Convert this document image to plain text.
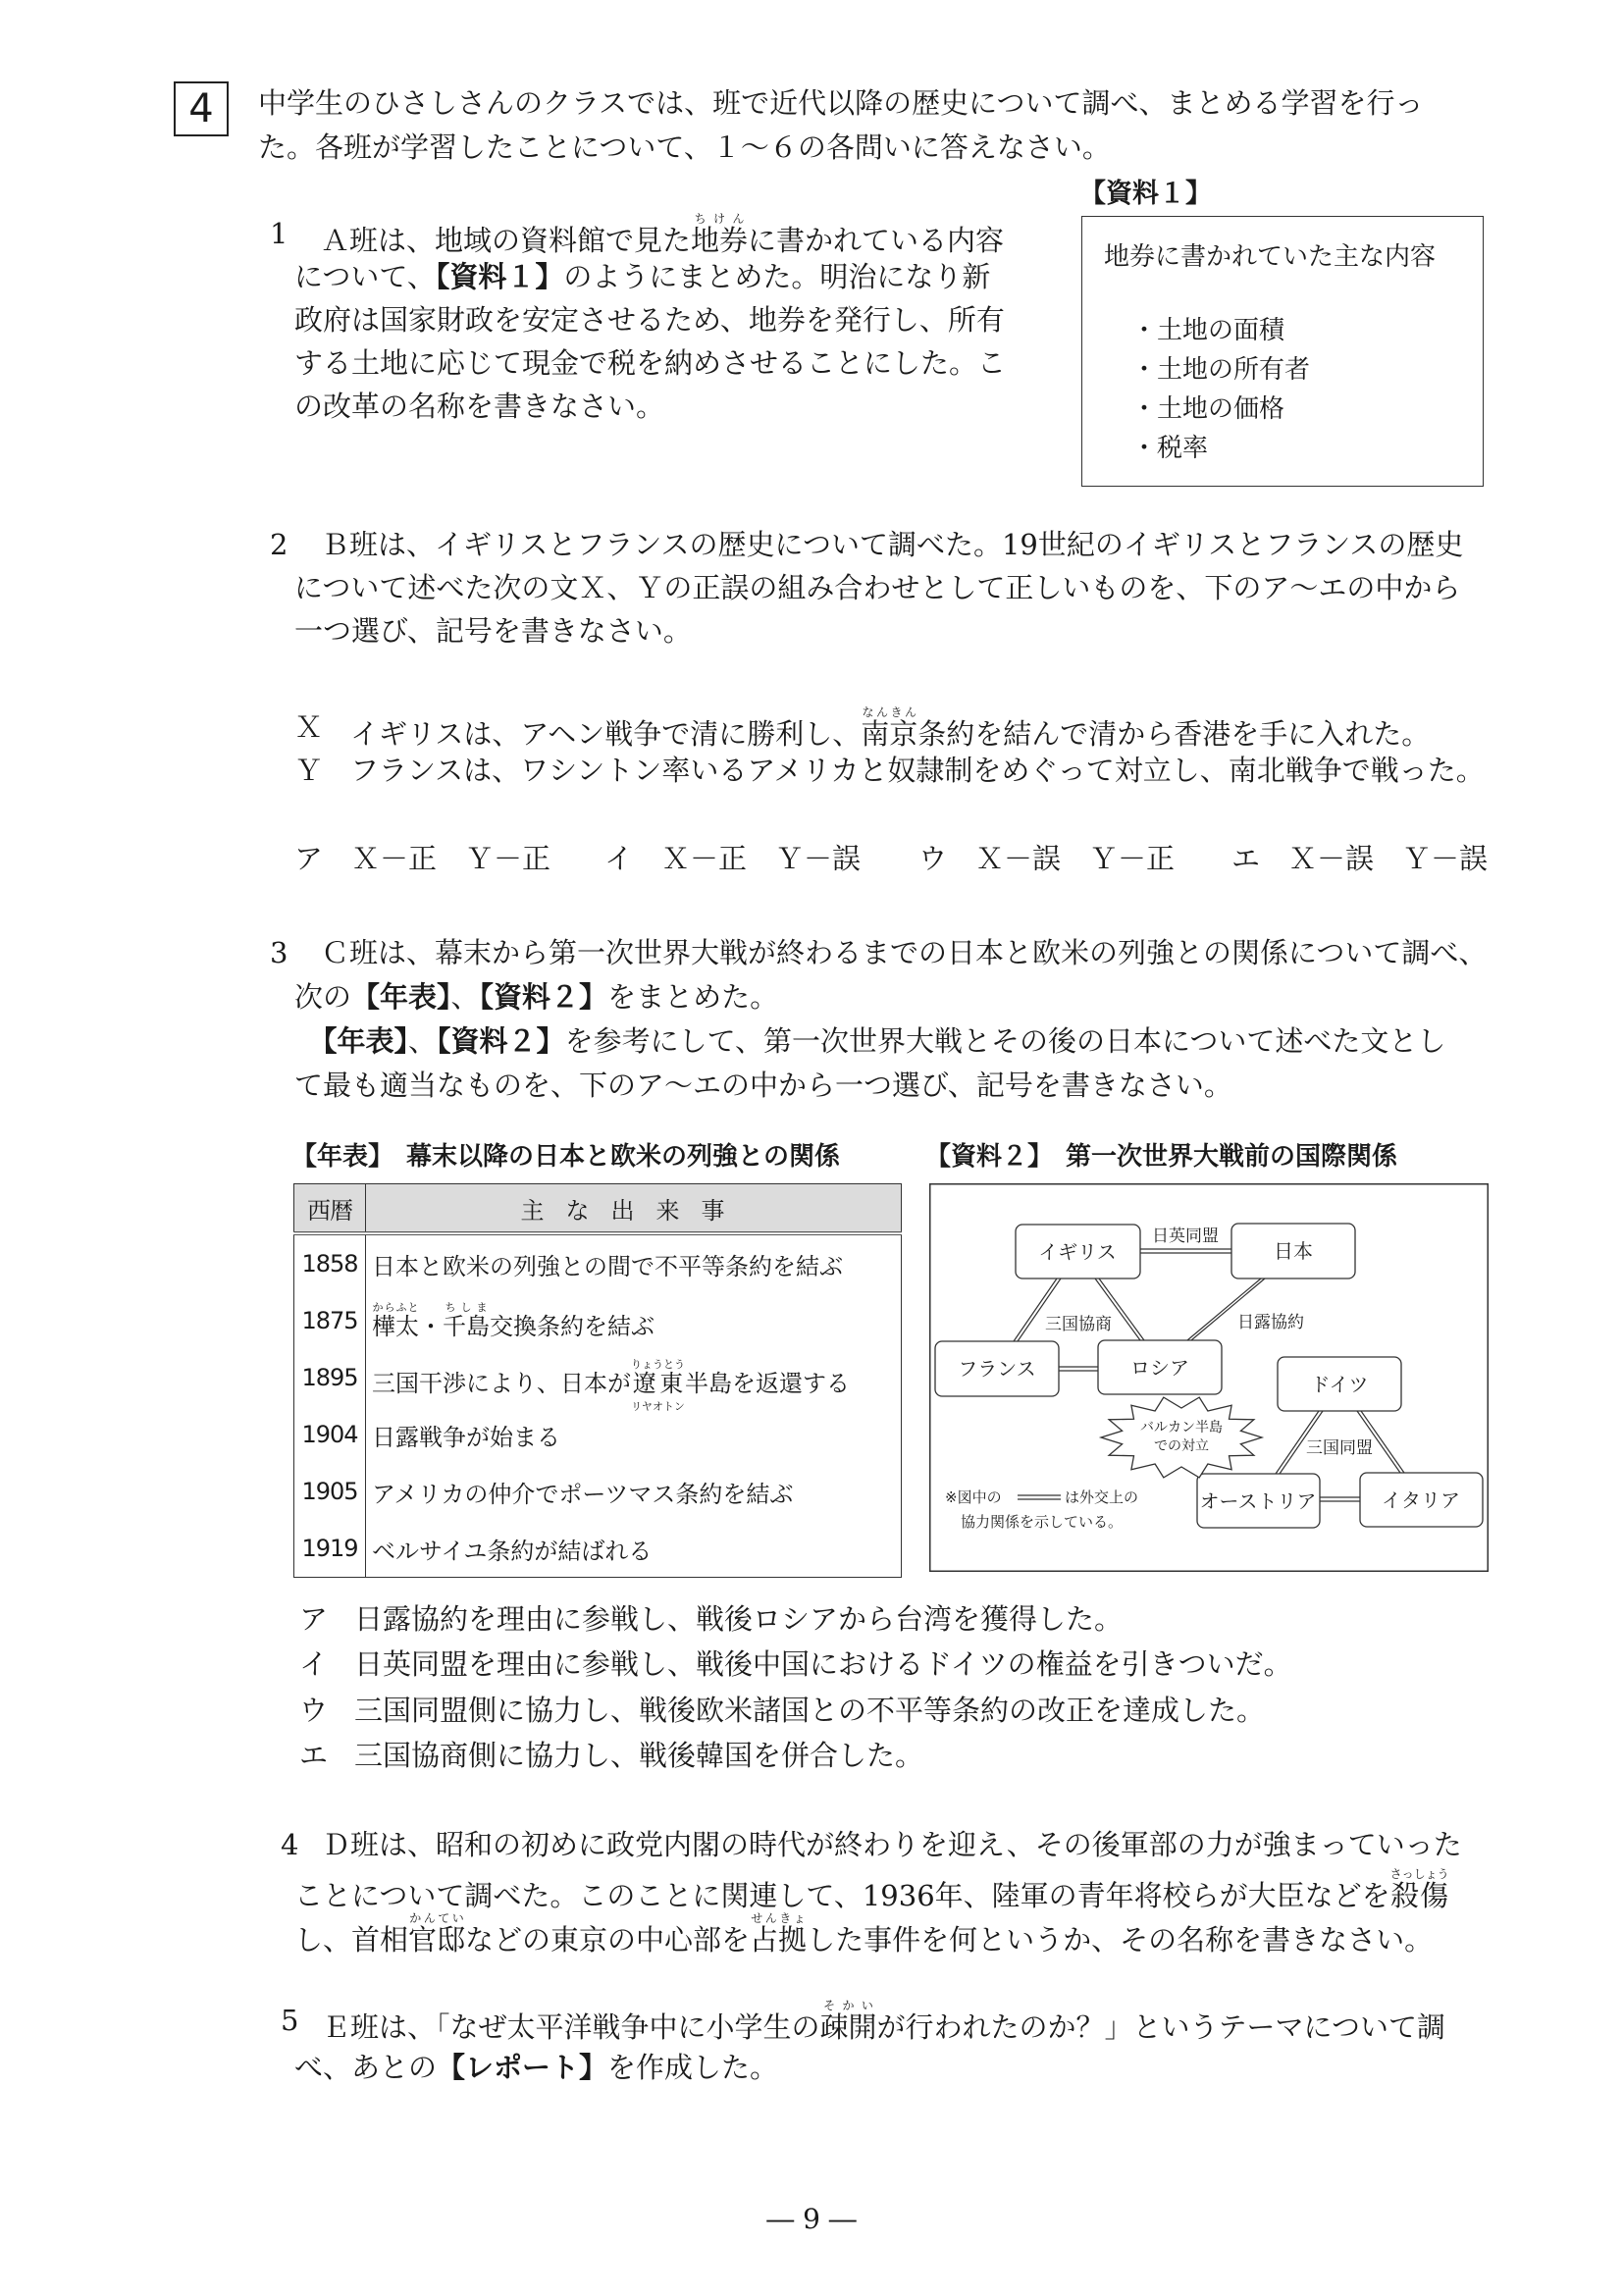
4	中学生のひさしさんのクラスでは、班で近代以降の歴史について調べ、まとめる学習を行っ
た。各班が学習したことについて、１～６の各問いに答えなさい。
1	Ａ班は、地域の資料館で見た地券ちけんに書かれている内容
について、【資料１】のようにまとめた。明治になり新
政府は国家財政を安定させるため、地券を発行し、所有
する土地に応じて現金で税を納めさせることにした。こ
の改革の名称を書きなさい。
【資料１】
地券に書かれていた主な内容
・土地の面積
・土地の所有者
・土地の価格
・税率
2	Ｂ班は、イギリスとフランスの歴史について調べた。19世紀のイギリスとフランスの歴史
について述べた次の文Ｘ、Ｙの正誤の組み合わせとして正しいものを、下のア～エの中から
一つ選び、記号を書きなさい。
Ｘ イギリスは、アヘン戦争で清に勝利し、南京なんきん条約を結んで清から香港を手に入れた。
Ｙ フランスは、ワシントン率いるアメリカと奴隷制をめぐって対立し、南北戦争で戦った。
ア　 Ｘ－正　Ｙ－正 イ　 Ｘ－正　Ｙ－誤 ウ　 Ｘ－誤　Ｙ－正 エ　 Ｘ－誤　Ｙ－誤
3	Ｃ班は、幕末から第一次世界大戦が終わるまでの日本と欧米の列強との関係について調べ、
次の【年表】、【資料２】をまとめた。
　【年表】、【資料２】を参考にして、第一次世界大戦とその後の日本について述べた文とし
て最も適当なものを、下のア～エの中から一つ選び、記号を書きなさい。
【年表】　幕末以降の日本と欧米の列強との関係	【資料２】　第一次世界大戦前の国際関係
西暦	主な出来事
1858	日本と欧米の列強との間で不平等条約を結ぶ
1875	樺太からふと・千島ちしま交換条約を結ぶ
1895	三国干渉により、日本が遼東りょうとう
リヤオトン
半島を返還する
1904	日露戦争が始まる
1905	アメリカの仲介でポーツマス条約を結ぶ
1919	ベルサイユ条約が結ばれる
イギリス	日本
フランス	ロシア
ドイツ
オーストリア	イタリア
日英同盟
三国協商	日露協約
三国同盟
バルカン半島
での対立
※図中の	は外交上の
協力関係を示している。
ア 日露協約を理由に参戦し、戦後ロシアから台湾を獲得した。
イ 日英同盟を理由に参戦し、戦後中国におけるドイツの権益を引きついだ。
ウ 三国同盟側に協力し、戦後欧米諸国との不平等条約の改正を達成した。
エ 三国協商側に協力し、戦後韓国を併合した。
4 Ｄ班は、昭和の初めに政党内閣の時代が終わりを迎え、その後軍部の力が強まっていった
ことについて調べた。このことに関連して、1936年、陸軍の青年将校らが大臣などを殺傷さっしょう
し、首相官邸かんていなどの東京の中心部を占拠せんきょした事件を何というか、その名称を書きなさい。
5 Ｅ班は、「なぜ太平洋戦争中に小学生の疎開そかいが行われたのか？」というテーマについて調
べ、あとの【レポート】を作成した。
― 9 ―
